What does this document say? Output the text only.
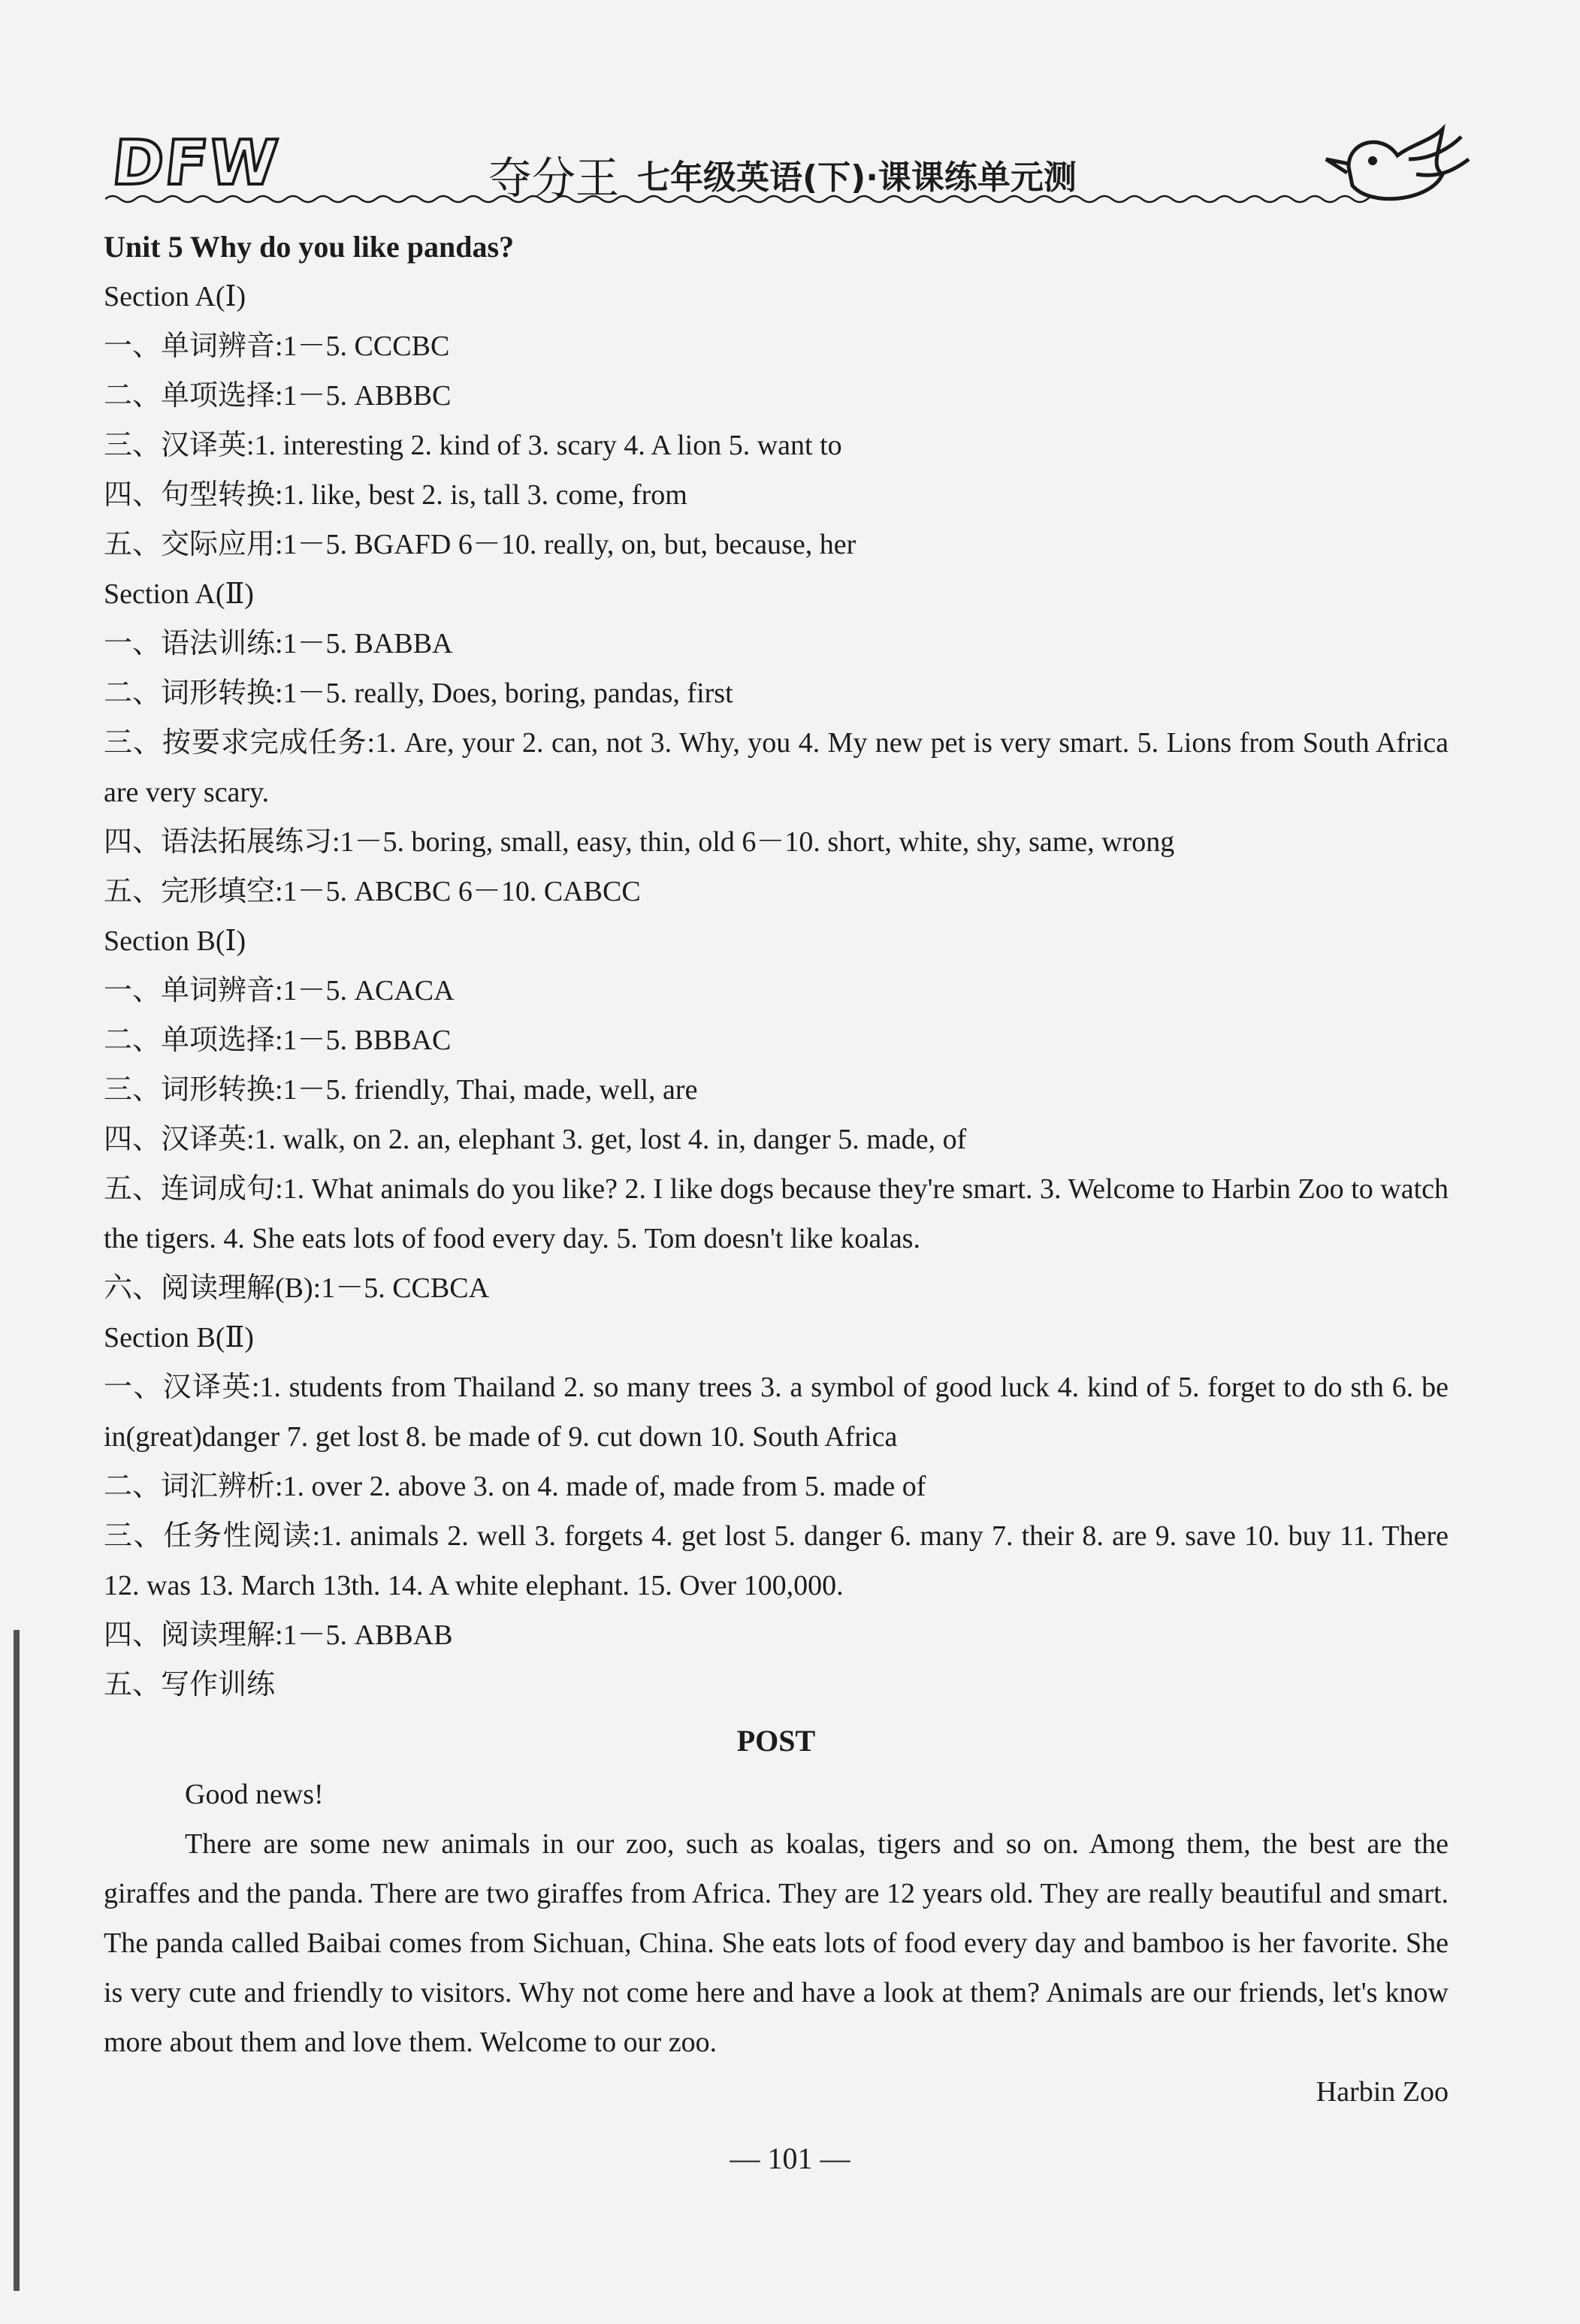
DFW	夺分王 七年级英语(下)·课课练单元测
Unit 5 Why do you like pandas?
Section A(Ⅰ)
一、单词辨音:1－5. CCCBC
二、单项选择:1－5. ABBBC
三、汉译英:1. interesting 2. kind of 3. scary 4. A lion 5. want to
四、句型转换:1. like, best 2. is, tall 3. come, from
五、交际应用:1－5. BGAFD 6－10. really, on, but, because, her
Section A(Ⅱ)
一、语法训练:1－5. BABBA
二、词形转换:1－5. really, Does, boring, pandas, first
三、按要求完成任务:1. Are, your 2. can, not 3. Why, you 4. My new pet is very smart. 5. Lions from South Africa are very scary.
四、语法拓展练习:1－5. boring, small, easy, thin, old 6－10. short, white, shy, same, wrong
五、完形填空:1－5. ABCBC 6－10. CABCC
Section B(Ⅰ)
一、单词辨音:1－5. ACACA
二、单项选择:1－5. BBBAC
三、词形转换:1－5. friendly, Thai, made, well, are
四、汉译英:1. walk, on 2. an, elephant 3. get, lost 4. in, danger 5. made, of
五、连词成句:1. What animals do you like? 2. I like dogs because they're smart. 3. Welcome to Harbin Zoo to watch the tigers. 4. She eats lots of food every day. 5. Tom doesn't like koalas.
六、阅读理解(B):1－5. CCBCA
Section B(Ⅱ)
一、汉译英:1. students from Thailand 2. so many trees 3. a symbol of good luck 4. kind of 5. forget to do sth 6. be in(great)danger 7. get lost 8. be made of 9. cut down 10. South Africa
二、词汇辨析:1. over 2. above 3. on 4. made of, made from 5. made of
三、任务性阅读:1. animals 2. well 3. forgets 4. get lost 5. danger 6. many 7. their 8. are 9. save 10. buy 11. There 12. was 13. March 13th. 14. A white elephant. 15. Over 100,000.
四、阅读理解:1－5. ABBAB
五、写作训练
POST
Good news!
There are some new animals in our zoo, such as koalas, tigers and so on. Among them, the best are the giraffes and the panda. There are two giraffes from Africa. They are 12 years old. They are really beautiful and smart. The panda called Baibai comes from Sichuan, China. She eats lots of food every day and bamboo is her favorite. She is very cute and friendly to visitors. Why not come here and have a look at them? Animals are our friends, let's know more about them and love them. Welcome to our zoo.
Harbin Zoo
— 101 —
